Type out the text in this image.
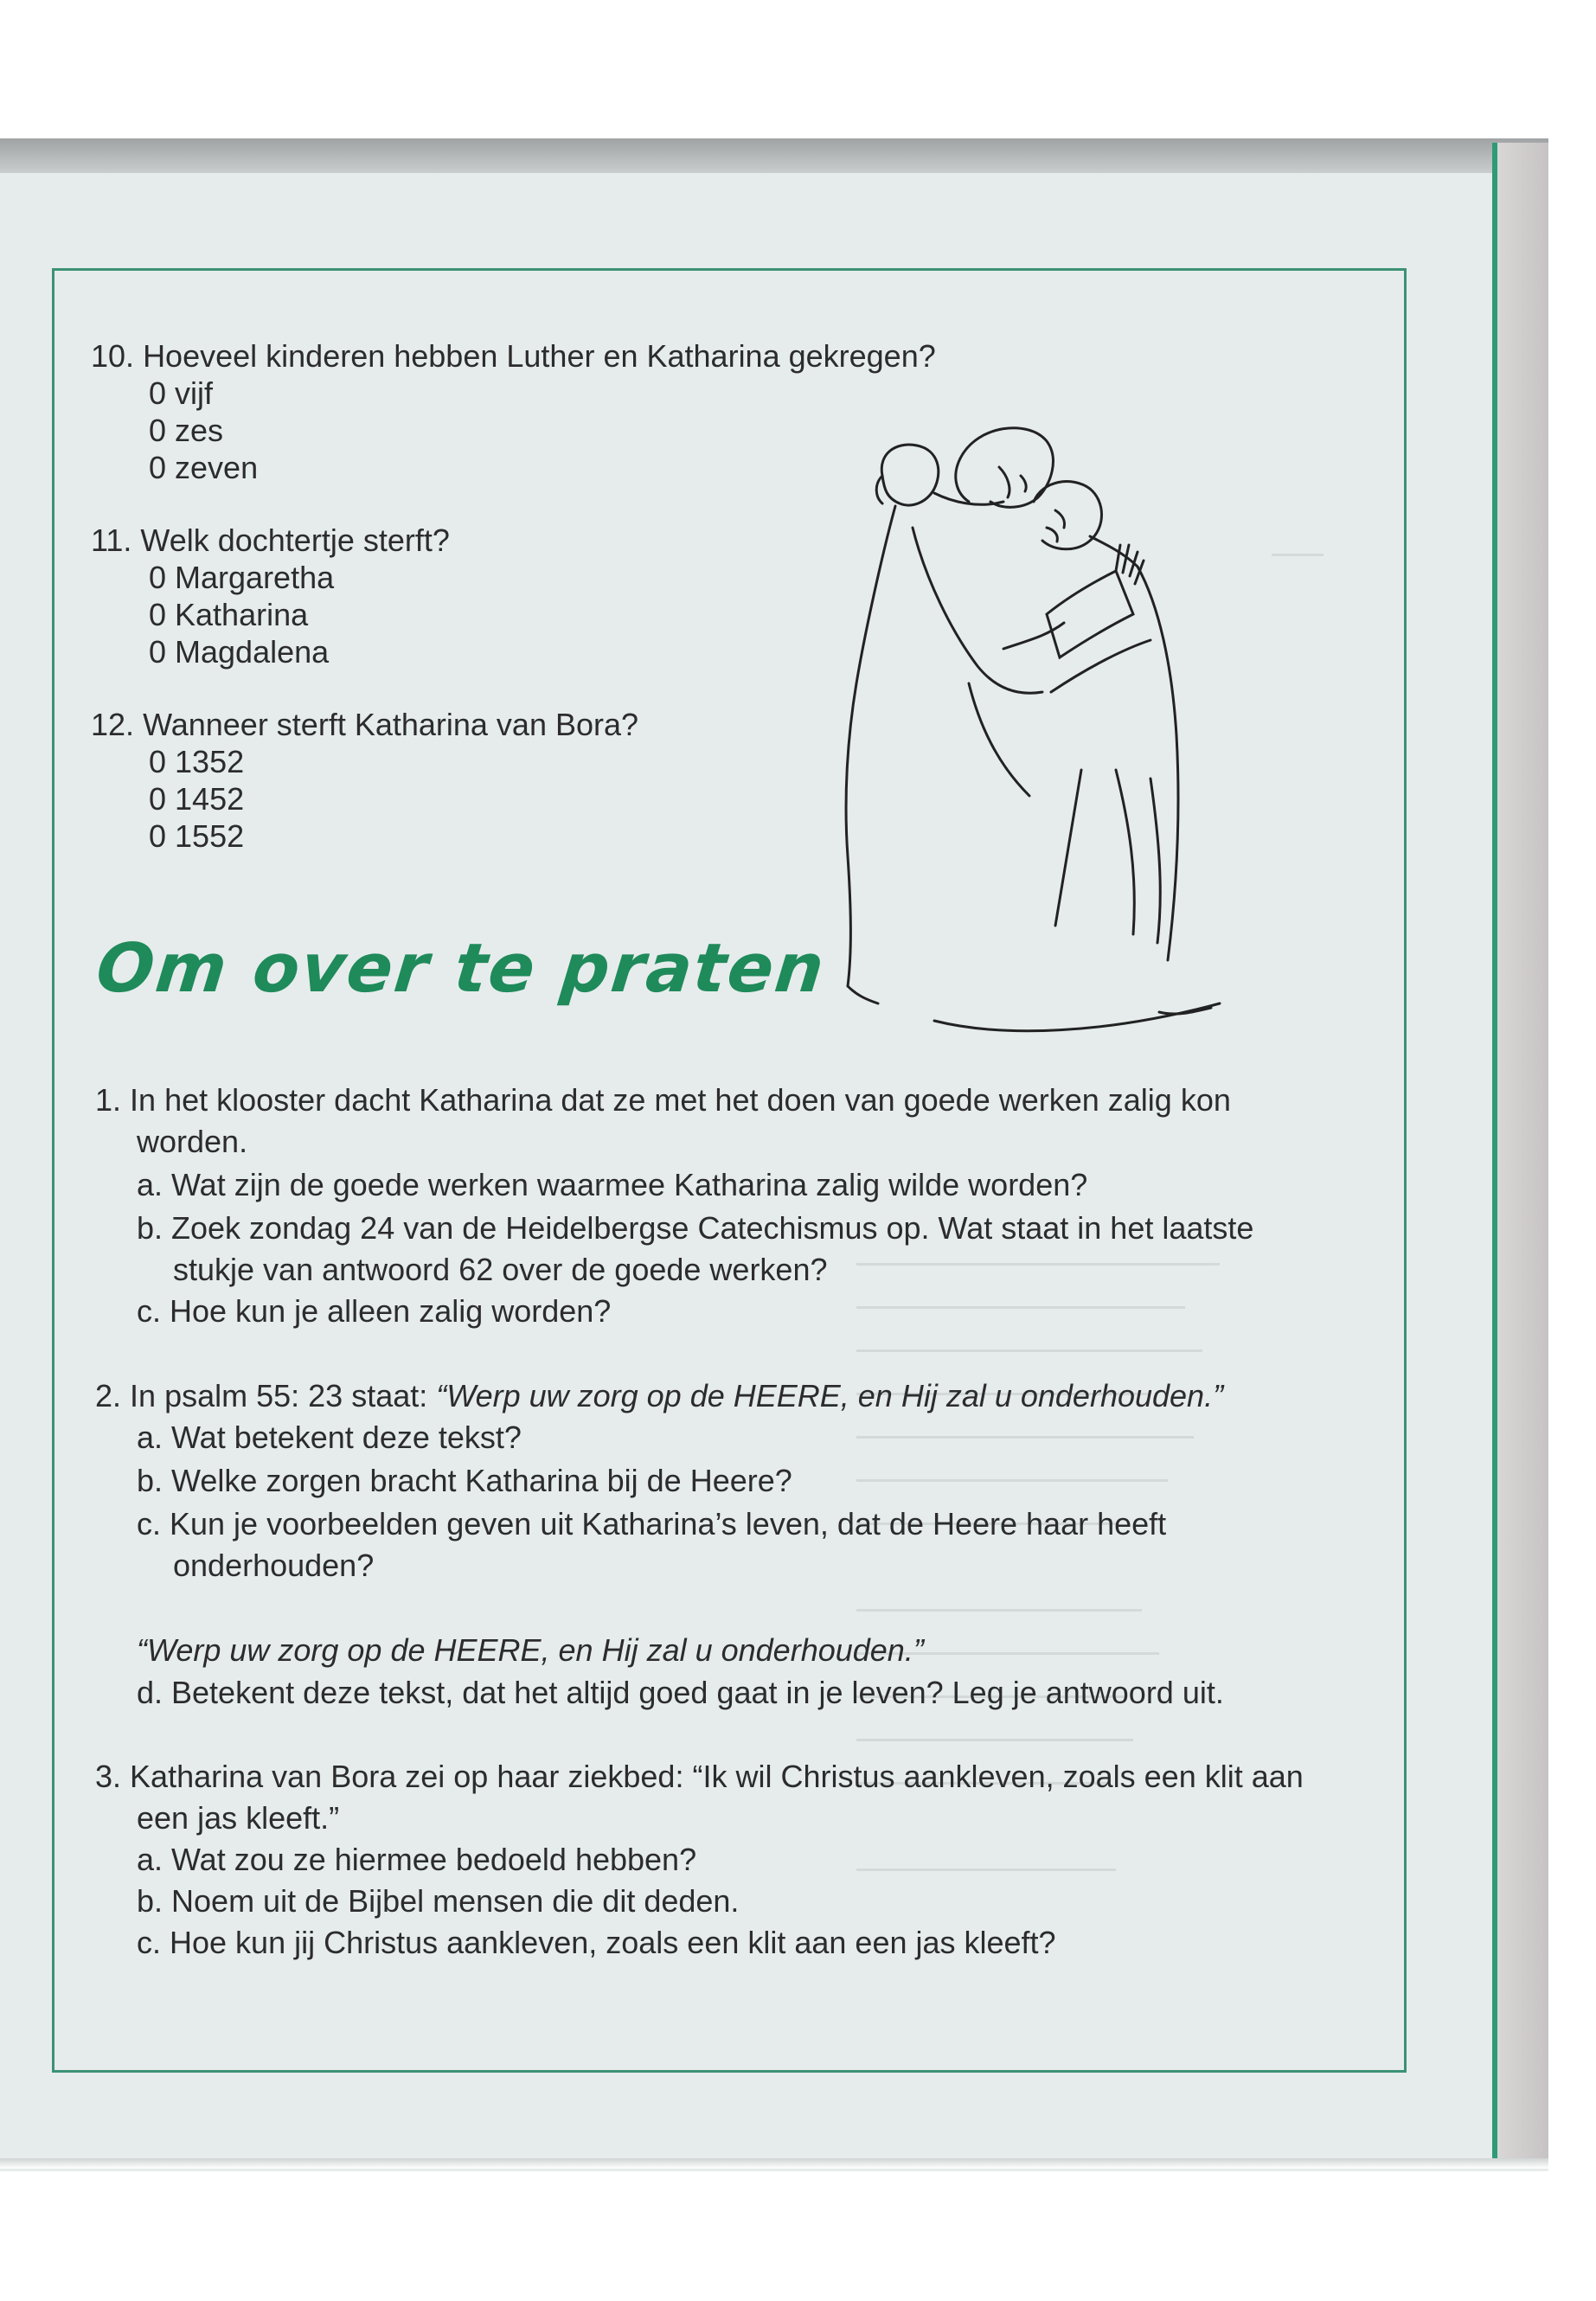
10. Hoeveel kinderen hebben Luther en Katharina gekregen?
0 vijf
0 zes
0 zeven
11. Welk dochtertje sterft?
0 Margaretha
0 Katharina
0 Magdalena
12. Wanneer sterft Katharina van Bora?
0 1352
0 1452
0 1552
Om over te praten
1. In het klooster dacht Katharina dat ze met het doen van goede werken zalig kon
worden.
a. Wat zijn de goede werken waarmee Katharina zalig wilde worden?
b. Zoek zondag 24 van de Heidelbergse Catechismus op. Wat staat in het laatste
stukje van antwoord 62 over de goede werken?
c. Hoe kun je alleen zalig worden?
2. In psalm 55: 23 staat: “Werp uw zorg op de HEERE, en Hij zal u onderhouden.”
a. Wat betekent deze tekst?
b. Welke zorgen bracht Katharina bij de Heere?
c. Kun je voorbeelden geven uit Katharina’s leven, dat de Heere haar heeft
onderhouden?
“Werp uw zorg op de HEERE, en Hij zal u onderhouden.”
d. Betekent deze tekst, dat het altijd goed gaat in je leven? Leg je antwoord uit.
3. Katharina van Bora zei op haar ziekbed: “Ik wil Christus aankleven, zoals een klit aan
een jas kleeft.”
a. Wat zou ze hiermee bedoeld hebben?
b. Noem uit de Bijbel mensen die dit deden.
c. Hoe kun jij Christus aankleven, zoals een klit aan een jas kleeft?
